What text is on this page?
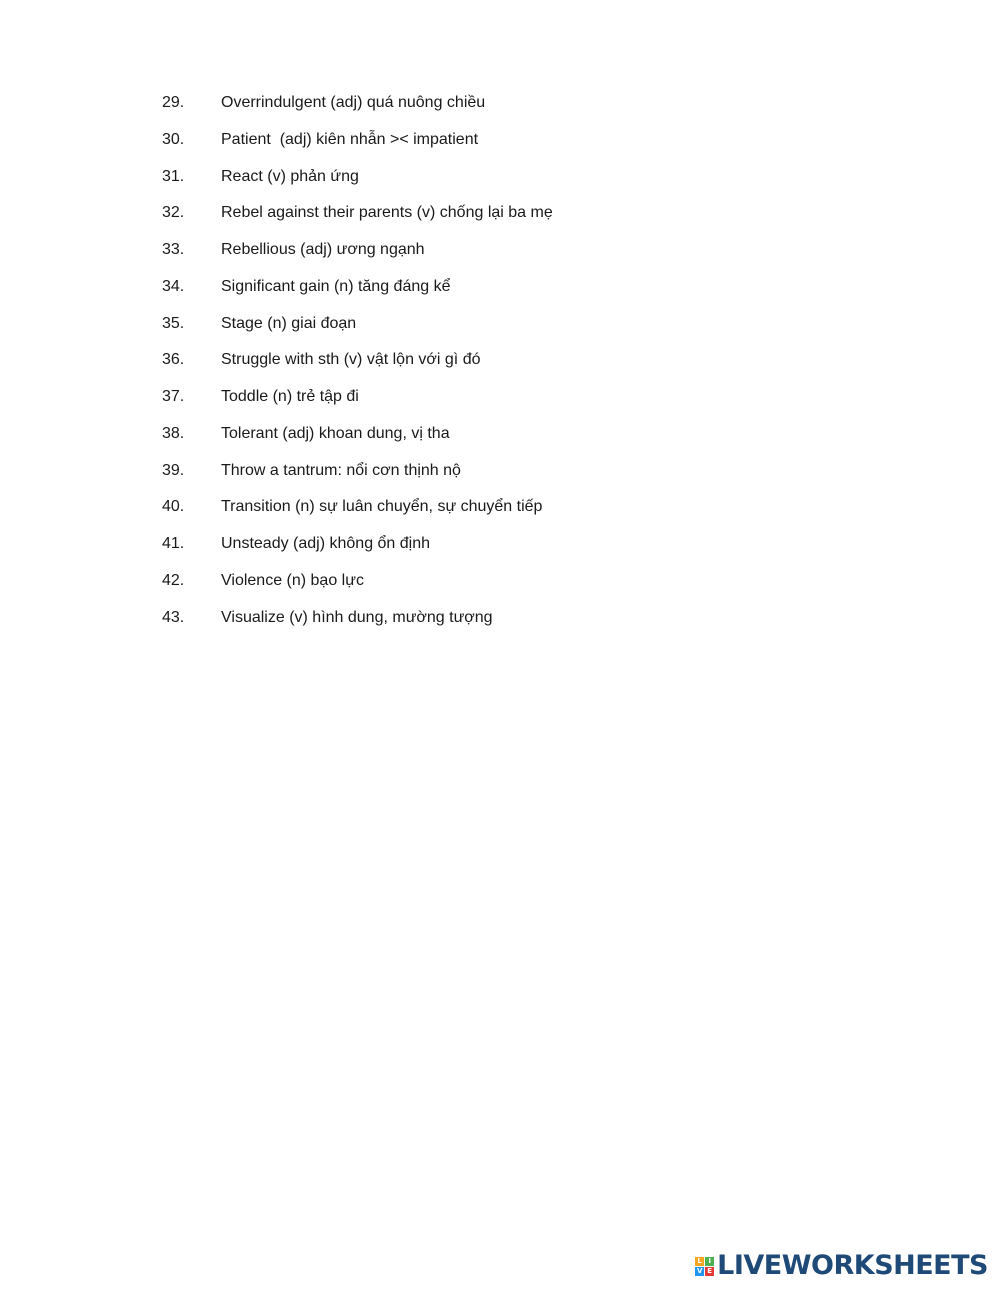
29.	Overrindulgent (adj) quá nuông chiều
30.	Patient  (adj) kiên nhẫn >< impatient
31.	React (v) phản ứng
32.	Rebel against their parents (v) chống lại ba mẹ
33.	Rebellious (adj) ương ngạnh
34.	Significant gain (n) tăng đáng kể
35.	Stage (n) giai đoạn
36.	Struggle with sth (v) vật lộn với gì đó
37.	Toddle (n) trẻ tập đi
38.	Tolerant (adj) khoan dung, vị tha
39.	Throw a tantrum: nổi cơn thịnh nộ
40.	Transition (n) sự luân chuyển, sự chuyển tiếp
41.	Unsteady (adj) không ổn định
42.	Violence (n) bạo lực
43.	Visualize (v) hình dung, mường tượng
L I
V E LIVEWORKSHEETS
